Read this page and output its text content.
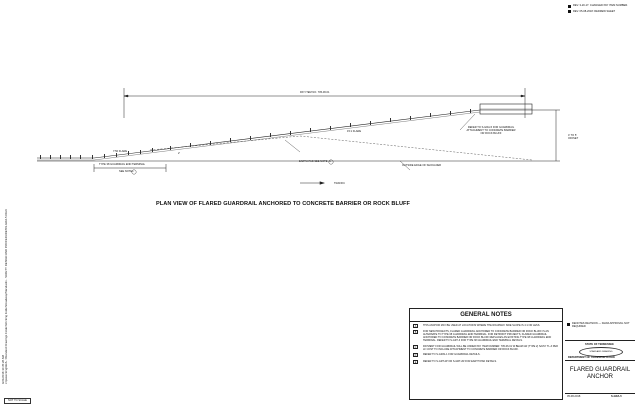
REV. 3-20-17: CHANGED PAY ITEM NUMBER.
REV. 05-08-2018: REDREW SHEET
6/21/2018 10:35:28 AM c:\pwworking\tdot\...\Standard Drawings Folder\Working Folder\Roadway\Standards - SAFETY DESIGN AND PROCEDURES\S-GRA-5.DGN
PAY ITEM NO. 705-06.01
15:1 FLARE
7:50 FLARE
2'
REFER TO S-GRA-5 FOR GUARDRAIL ATTACHMENT TO CONCRETE BARRIER OR ROCK BLUFF
4' TO 5' OFFSET
TYPE 38 GUARDRAIL END TERMINAL
SEE NOTE D
EARTH PAD SEE NOTE E
OUTSIDE EDGE OF SHOULDER
TRAFFIC
PLAN VIEW OF FLARED GUARDRAIL ANCHORED TO CONCRETE BARRIER OR ROCK BLUFF
GENERAL NOTES
A	THIS ANCHOR MAY BE USED AT LOCATIONS WHERE THE ROADWAY SIDE SLOPE IS 4:1 OR LESS.
B	FOR NEW PROJECTS, FLARED GUARDRAIL ANCHORED TO CONCRETE BARRIER OR ROCK BLUFF IS AN ALTERNATE TO TYPE 38 GUARDRAIL END TERMINAL. FOR RETROFIT PROJECTS, FLARED GUARDRAIL ANCHORED TO CONCRETE BARRIER OR ROCK BLUFF REPLACES AN EXISTING TYPE 38 GUARDRAIL END TERMINAL. REFER TO S-GR7-3 FOR TYPE 38 GUARDRAIL END TERMINAL DETAILS.
C	PAYMENT FOR GUARDRAIL WILL BE UNDER PAY ITEM NUMBER: 705-06.01 W BEAM GR (TYPE 2) S/ASY TL-3 PER LF COST TO INCLUDE ATTACHMENT TO CONCRETE BARRIER OR ROCK BLUFF.
D	REFER TO S-GR31-1 FOR GUARDRAIL DETAILS.
E	REFER TO S-GRT-2P OR S-GRT-2R FOR EARTH PAD DETAILS.
DENOTES REVISION — FHWA APPROVAL NOT REQUIRED
STATE OF TENNESSEE
STANDARD DRAWING
DEPARTMENT OF TRANSPORTATION
FLARED GUARDRAIL ANCHOR
05-08-2018	S-GRA-5
NOT TO SCALE
